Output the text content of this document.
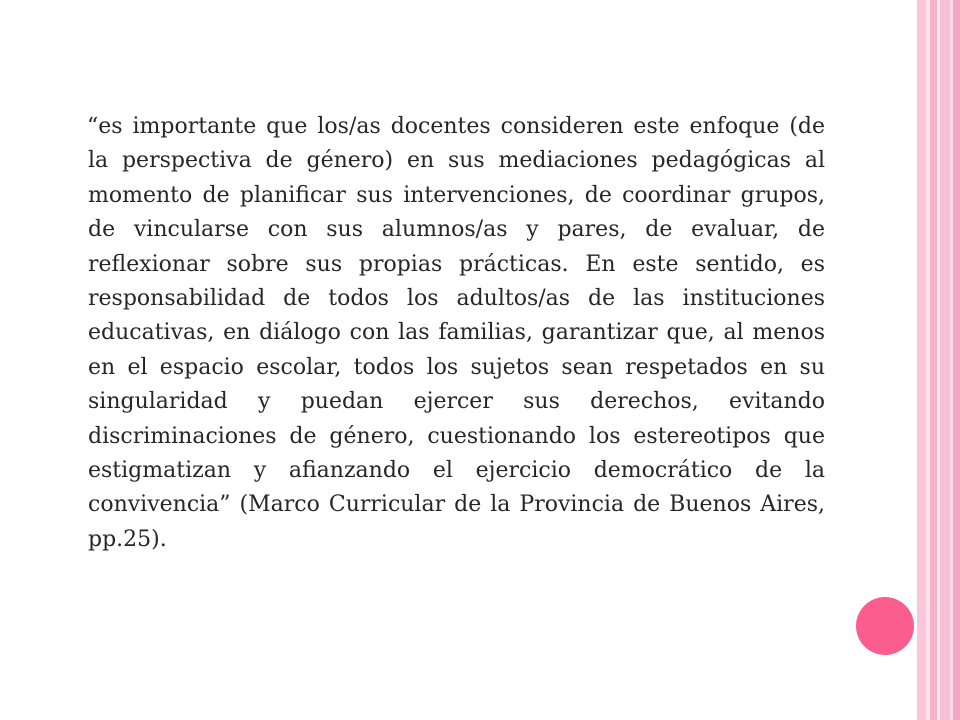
“es importante que los/as docentes consideren este enfoque (de la perspectiva de género) en sus mediaciones pedagógicas al momento de planificar sus intervenciones, de coordinar grupos, de vincularse con sus alumnos/as y pares, de evaluar, de reflexionar sobre sus propias prácticas. En este sentido, es responsabilidad de todos los adultos/as de las instituciones educativas, en diálogo con las familias, garantizar que, al menos en el espacio escolar, todos los sujetos sean respetados en su singularidad y puedan ejercer sus derechos, evitando discriminaciones de género, cuestionando los estereotipos que estigmatizan y afianzando el ejercicio democrático de la convivencia” (Marco Curricular de la Provincia de Buenos Aires, pp.25).
